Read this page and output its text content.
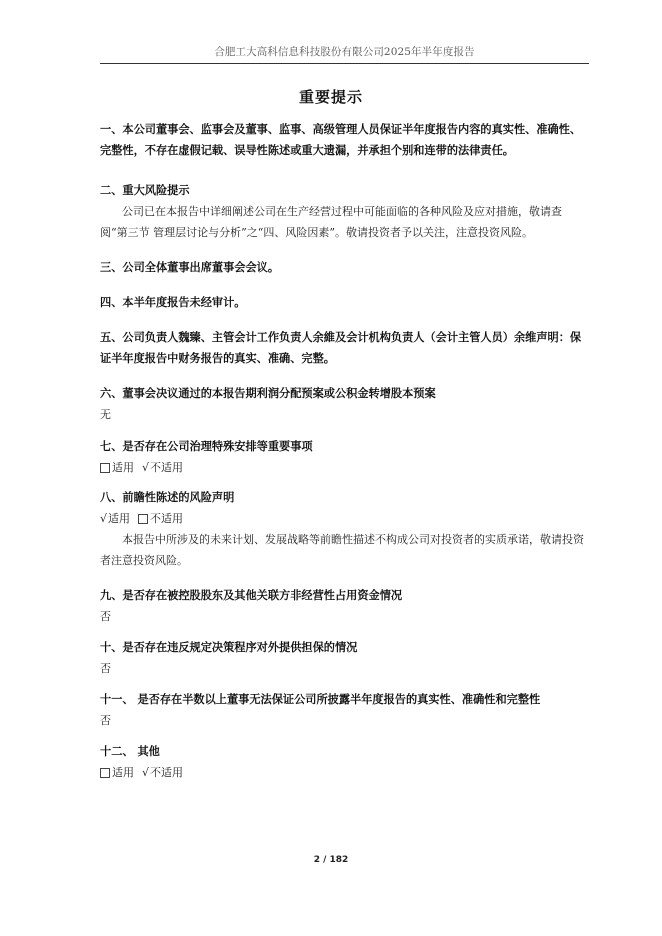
合肥工大高科信息科技股份有限公司2025年半年度报告
重要提示
一、本公司董事会、监事会及董事、监事、高级管理人员保证半年度报告内容的真实性、准确性、完整性，不存在虚假记载、误导性陈述或重大遗漏，并承担个别和连带的法律责任。
二、重大风险提示
公司已在本报告中详细阐述公司在生产经营过程中可能面临的各种风险及应对措施，敬请查阅“第三节 管理层讨论与分析”之“四、风险因素”。敬请投资者予以关注，注意投资风险。
三、公司全体董事出席董事会会议。
四、本半年度报告未经审计。
五、公司负责人魏臻、主管会计工作负责人余維及会计机构负责人（会计主管人员）余维声明：保证半年度报告中财务报告的真实、准确、完整。
六、董事会决议通过的本报告期利润分配预案或公积金转增股本预案
无
七、是否存在公司治理特殊安排等重要事项
适用 √ 不适用
八、前瞻性陈述的风险声明
√ 适用 不适用
本报告中所涉及的未来计划、发展战略等前瞻性描述不构成公司对投资者的实质承诺，敬请投资者注意投资风险。
九、是否存在被控股股东及其他关联方非经营性占用资金情况
否
十、是否存在违反规定决策程序对外提供担保的情况
否
十一、 是否存在半数以上董事无法保证公司所披露半年度报告的真实性、准确性和完整性
否
十二、 其他
适用 √ 不适用
2 / 182
